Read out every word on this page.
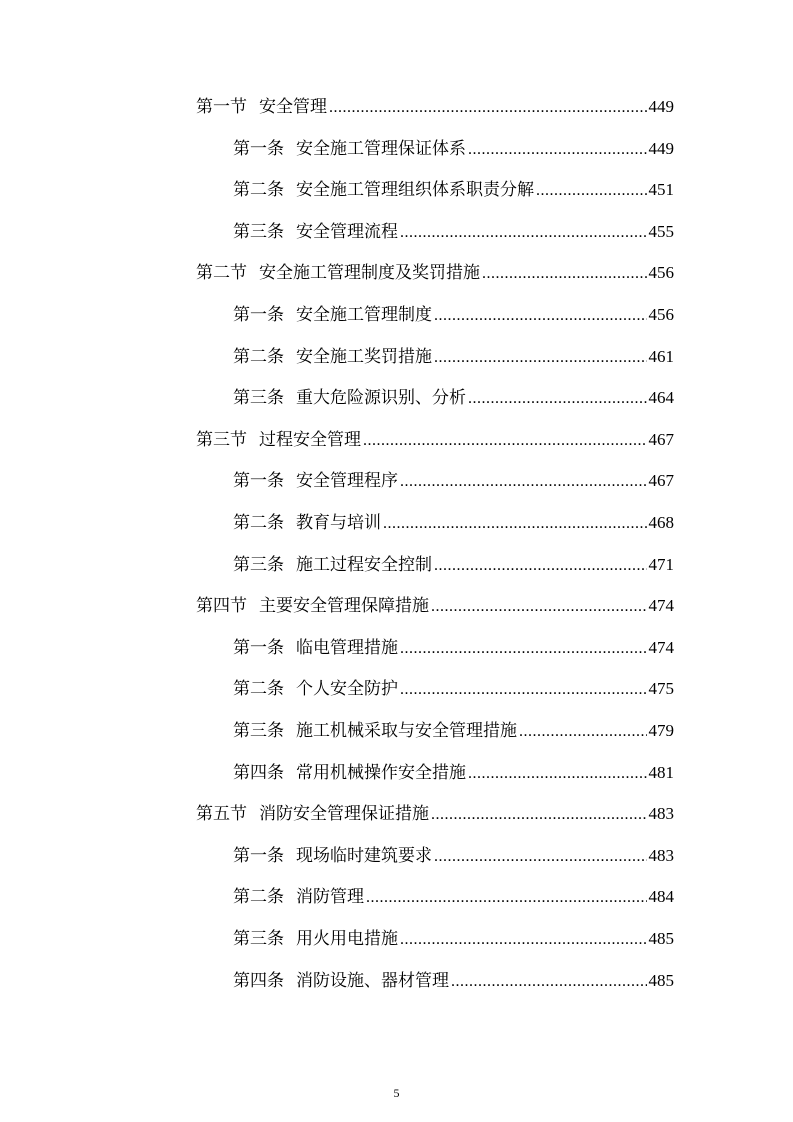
第一节 安全管理 .....	449
第一条 安全施工管理保证体系 .....	449
第二条 安全施工管理组织体系职责分解 .....	451
第三条 安全管理流程 .....	455
第二节 安全施工管理制度及奖罚措施 .....	456
第一条 安全施工管理制度 .....	456
第二条 安全施工奖罚措施 .....	461
第三条 重大危险源识别、分析 .....	464
第三节 过程安全管理 .....	467
第一条 安全管理程序 .....	467
第二条 教育与培训 .....	468
第三条 施工过程安全控制 .....	471
第四节 主要安全管理保障措施 .....	474
第一条 临电管理措施 .....	474
第二条 个人安全防护 .....	475
第三条 施工机械采取与安全管理措施 .....	479
第四条 常用机械操作安全措施 .....	481
第五节 消防安全管理保证措施 .....	483
第一条 现场临时建筑要求 .....	483
第二条 消防管理 .....	484
第三条 用火用电措施 .....	485
第四条 消防设施、器材管理 .....	485
5
